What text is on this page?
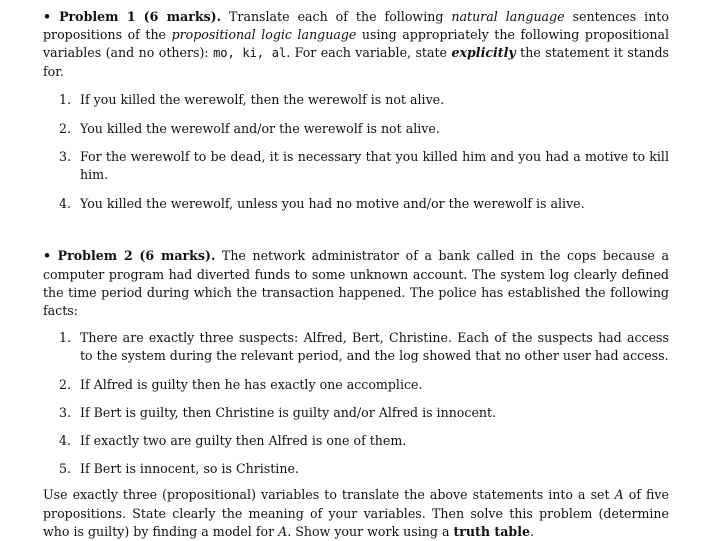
• Problem 1 (6 marks). Translate each of the following natural language sentences into propositions of the propositional logic language using appropriately the following propositional variables (and no others): mo, ki, al. For each variable, state explicitly the statement it stands for.

1. If you killed the werewolf, then the werewolf is not alive.
2. You killed the werewolf and/or the werewolf is not alive.
3. For the werewolf to be dead, it is necessary that you killed him and you had a motive to kill him.
4. You killed the werewolf, unless you had no motive and/or the werewolf is alive.

• Problem 2 (6 marks). The network administrator of a bank called in the cops because a computer program had diverted funds to some unknown account. The system log clearly defined the time period during which the transaction happened. The police has established the following facts:

1. There are exactly three suspects: Alfred, Bert, Christine. Each of the suspects had access to the system during the relevant period, and the log showed that no other user had access.
2. If Alfred is guilty then he has exactly one accomplice.
3. If Bert is guilty, then Christine is guilty and/or Alfred is innocent.
4. If exactly two are guilty then Alfred is one of them.
5. If Bert is innocent, so is Christine.

Use exactly three (propositional) variables to translate the above statements into a set A of five propositions. State clearly the meaning of your variables. Then solve this problem (determine who is guilty) by finding a model for A. Show your work using a truth table.
